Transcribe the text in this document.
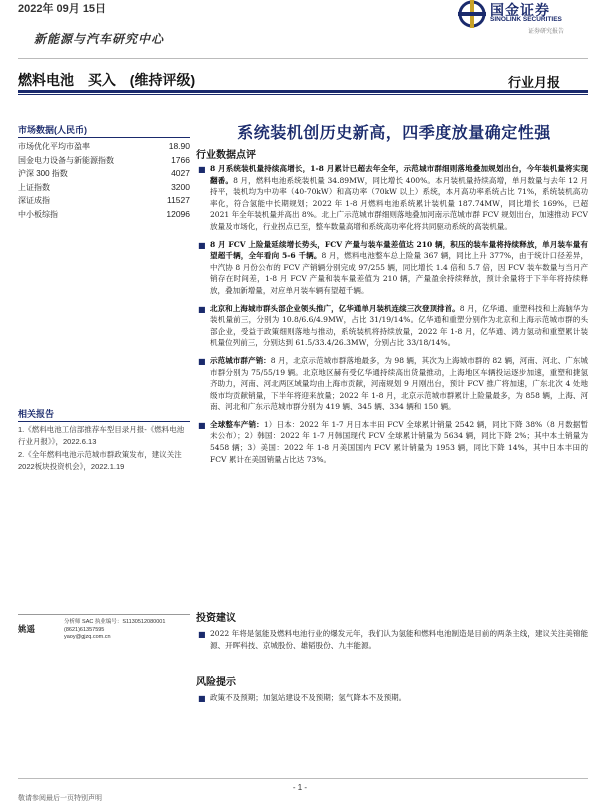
2022年 09月 15日
新能源与汽车研究中心
国金证券
SINOLINK SECURITIES
证券研究报告
燃料电池 买入 (维持评级)	行业月报
市场数据(人民币)
市场优化平均市盈率	18.90
国金电力设备与新能源指数	1766
沪深 300 指数	4027
上证指数	3200
深证成指	11527
中小板综指	12096
相关报告
1.《燃料电池工信部推荐车型目录月报-《燃料电池行业月报》》，2022.6.13
2.《全年燃料电池示范城市群政策发布，建议关注2022板块投资机会》，2022.1.19
姚遥
分析师 SAC 执业编号：S1130512080001
(8621)61357595
yaoy@gjzq.com.cn
系统装机创历史新高，四季度放量确定性强
行业数据点评
■ 8 月系统装机量持续高增长，1-8 月累计已超去年全年，示范城市群细则落地叠加规划出台，今年装机量将实现翻番。8 月，燃料电池系统装机量 34.89MW，同比增长 400%。本月装机量持续高增，单月数量与去年 12 月持平，装机均为中功率（40-70kW）和高功率（70kW 以上）系统，本月高功率系统占比 71%，系统装机高功率化，符合氢能中长期规划；2022 年 1-8 月燃料电池系统累计装机量 187.74MW，同比增长 169%，已超 2021 年全年装机量并高出 8%。北上广示范城市群细则落地叠加河南示范城市群 FCV 规划出台，加速推动 FCV 放量及市场化，行业拐点已至，整车数量高增和系统高功率化将共同驱动系统的高装机量。
■ 8 月 FCV 上险量延续增长势头，FCV 产量与装车量差值达 210 辆，积压的装车量将持续释放，单月装车量有望超千辆，全年看向 5-6 千辆。8 月，燃料电池整车总上险量 367 辆，同比上升 377%，由于统计口径差异，中汽协 8 月份公布的 FCV 产销辆分别完成 97/255 辆，同比增长 1.4 倍和 5.7 倍，因 FCV 装车数量与当月产销存在时间差，1-8 月 FCV 产量和装车量差值为 210 辆，产量盈余持续释放，预计余量将于下半年将持续释放，叠加新增量，对应单月装车辆有望超千辆。
■ 北京和上海城市群头部企业领头推广，亿华通单月装机连续三次登顶排首。8 月，亿华通、重塑科技和上海脑华为装机量前三，分别为 10.8/6.6/4.9MW，占比 31/19/14%。亿华通和重塑分别作为北京和上海示范城市群的头部企业，受益于政策细则落地与推动，系统装机将持续放量，2022 年 1-8 月，亿华通、鸿力氢动和重塑累计装机量位列前三，分别达到 61.5/33.4/26.3MW，分别占比 33/18/14%。
■ 示范城市群产销：8 月，北京示范城市群落地最多，为 98 辆，其次为上海城市群的 82 辆，河南、河北、广东城市群分别为 75/55/19 辆。北京地区赫有受亿华通持续高出货量推动，上海地区车辆投运逐步加速，重塑和捷氢齐助力，河南、河北两区域量均由上海市贡献，河南规划 9 月刚出台，预计 FCV 推广将加速，广东北次 4 处地级市均贡献销量，下半年将迎来放量；2022 年 1-8 月，北京示范城市群累计上险量最多，为 858 辆，上海、河南、河北和广东示范城市群分别为 419 辆、345 辆、334 辆和 150 辆。
■ 全球整车产销：1）日本：2022 年 1-7 月日本丰田 FCV 全球累计销量 2542 辆，同比下降 38%（8 月数据暂未公布）；2）韩国：2022 年 1-7 月韩国现代 FCV 全球累计销量为 5634 辆，同比下降 2%；其中本土销量为 5458 辆；3）美国：2022 年 1-8 月美国国内 FCV 累计销量为 1953 辆，同比下降 14%，其中日本丰田的 FCV 累计在美国销量占比达 73%。
投资建议
■ 2022 年将是氢能及燃料电池行业的爆发元年，我们认为氢能和燃料电池制造是目前的两条主线，建议关注美锦能源、开晖科技、京城股份、雄韬股份、九丰能源。
风险提示
■ 政策不及预期；加氢站建设不及预期；氢气降本不及预期。
- 1 -
敬请参阅最后一页特别声明
